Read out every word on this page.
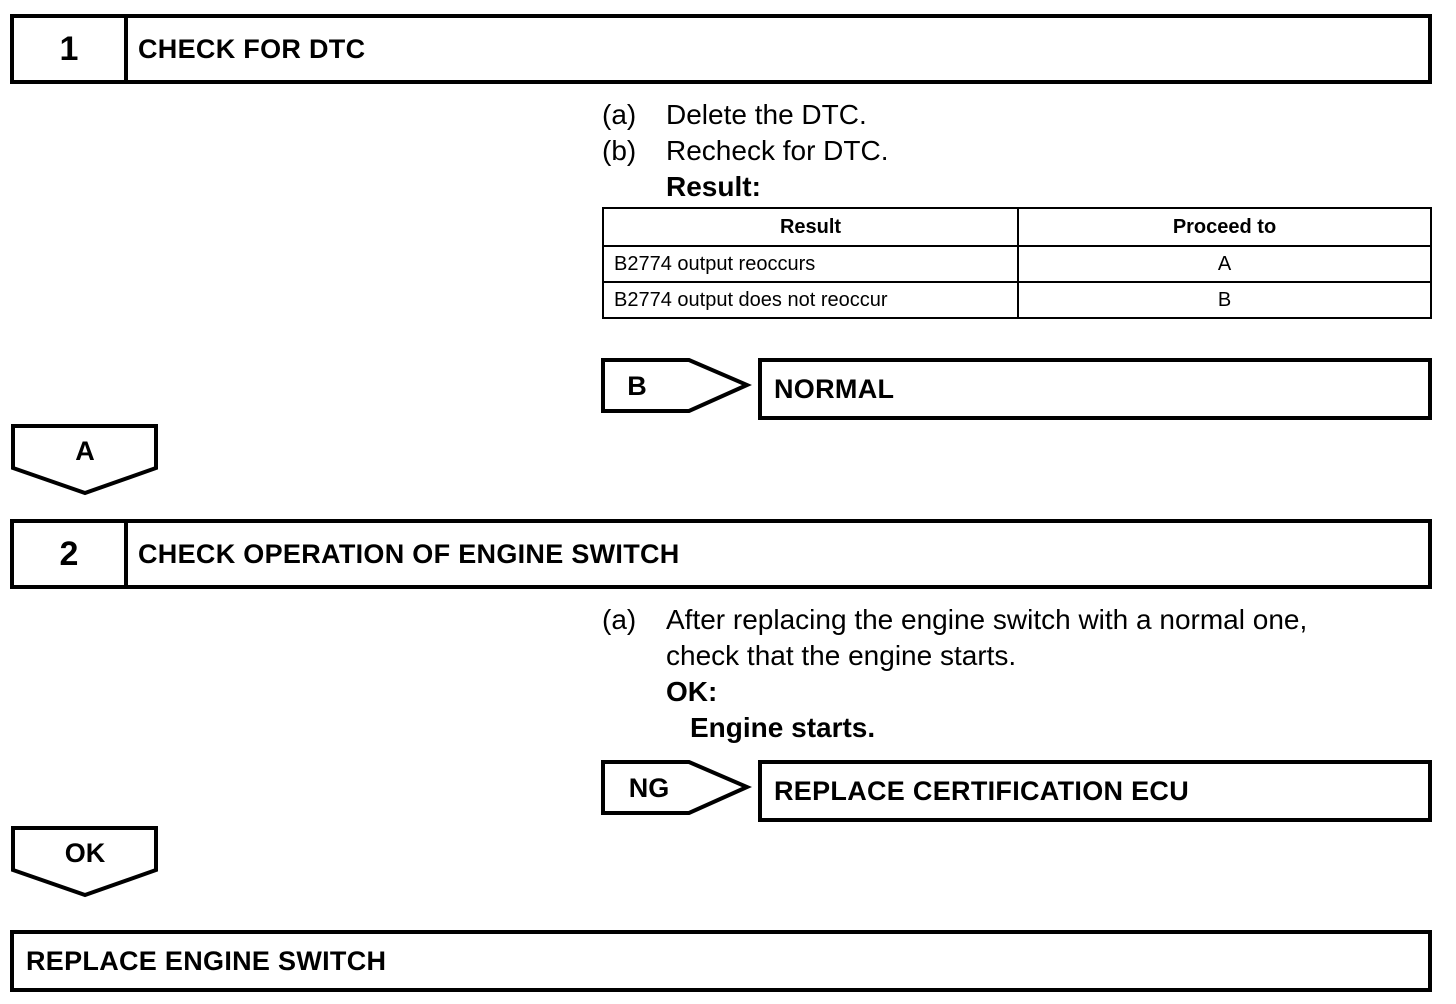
1	CHECK FOR DTC
(a) Delete the DTC.
(b) Recheck for DTC.
Result:
Result	Proceed to
B2774 output reoccurs	A
B2774 output does not reoccur	B
B	NORMAL
A
2	CHECK OPERATION OF ENGINE SWITCH
(a) After replacing the engine switch with a normal one,
check that the engine starts.
OK:
Engine starts.
NG	REPLACE CERTIFICATION ECU
OK
REPLACE ENGINE SWITCH
